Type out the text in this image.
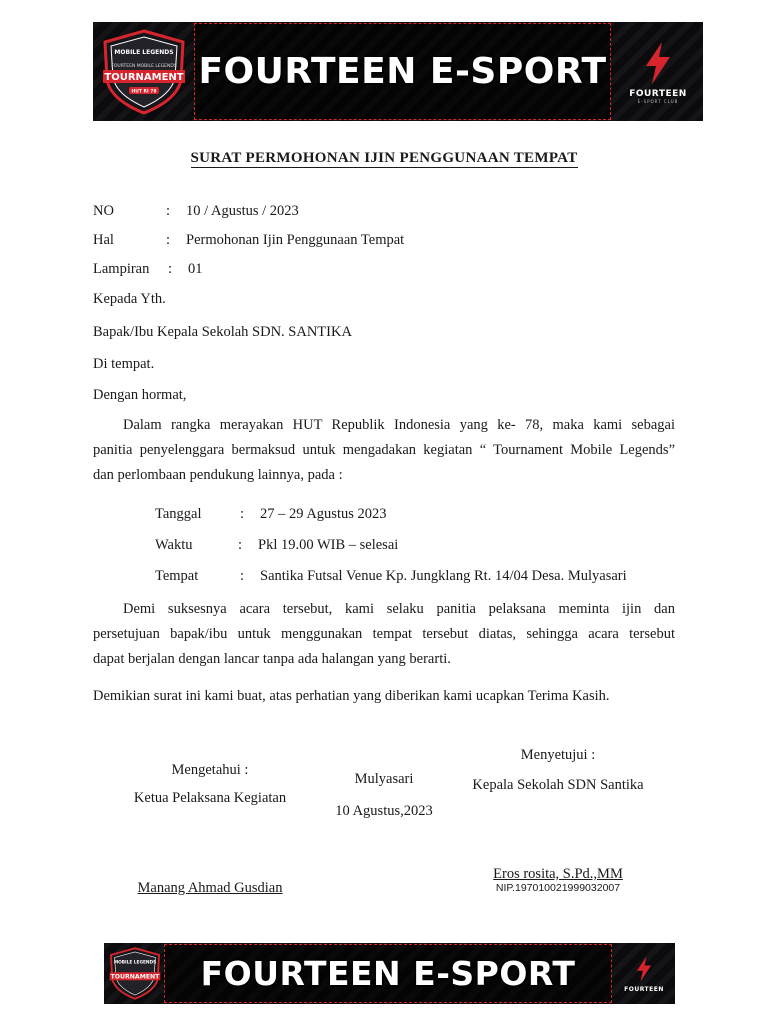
MOBILE LEGENDS
FOURTEEN MOBILE LEGENDS
TOURNAMENT
HUT RI 78 FOURTEEN E-SPORT
FOURTEEN
E-SPORT CLUB
SURAT PERMOHONAN IJIN PENGGUNAAN TEMPAT
NO	: 10 / Agustus / 2023
Hal	: Permohonan Ijin Penggunaan Tempat
Lampiran : 01
Kepada Yth.
Bapak/Ibu Kepala Sekolah SDN. SANTIKA
Di tempat.
Dengan hormat,
Dalam rangka merayakan HUT Republik Indonesia yang ke- 78, maka kami sebagai
panitia penyelenggara bermaksud untuk mengadakan kegiatan “ Tournament Mobile Legends”
dan perlombaan pendukung lainnya, pada :
Tanggal	: 27 – 29 Agustus 2023
Waktu	: Pkl 19.00 WIB – selesai
Tempat	: Santika Futsal Venue Kp. Jungklang Rt. 14/04 Desa. Mulyasari
Demi suksesnya acara tersebut, kami selaku panitia pelaksana meminta ijin dan
persetujuan bapak/ibu untuk menggunakan tempat tersebut diatas, sehingga acara tersebut
dapat berjalan dengan lancar tanpa ada halangan yang berarti.
Demikian surat ini kami buat, atas perhatian yang diberikan kami ucapkan Terima Kasih.
Mengetahui :
Ketua Pelaksana Kegiatan
Manang Ahmad Gusdian
Mulyasari
10 Agustus,2023
Menyetujui :
Kepala Sekolah SDN Santika
Eros rosita, S.Pd.,MM
NIP.197010021999032007
MOBILE LEGENDS
TOURNAMENT FOURTEEN E-SPORT	FOURTEEN
